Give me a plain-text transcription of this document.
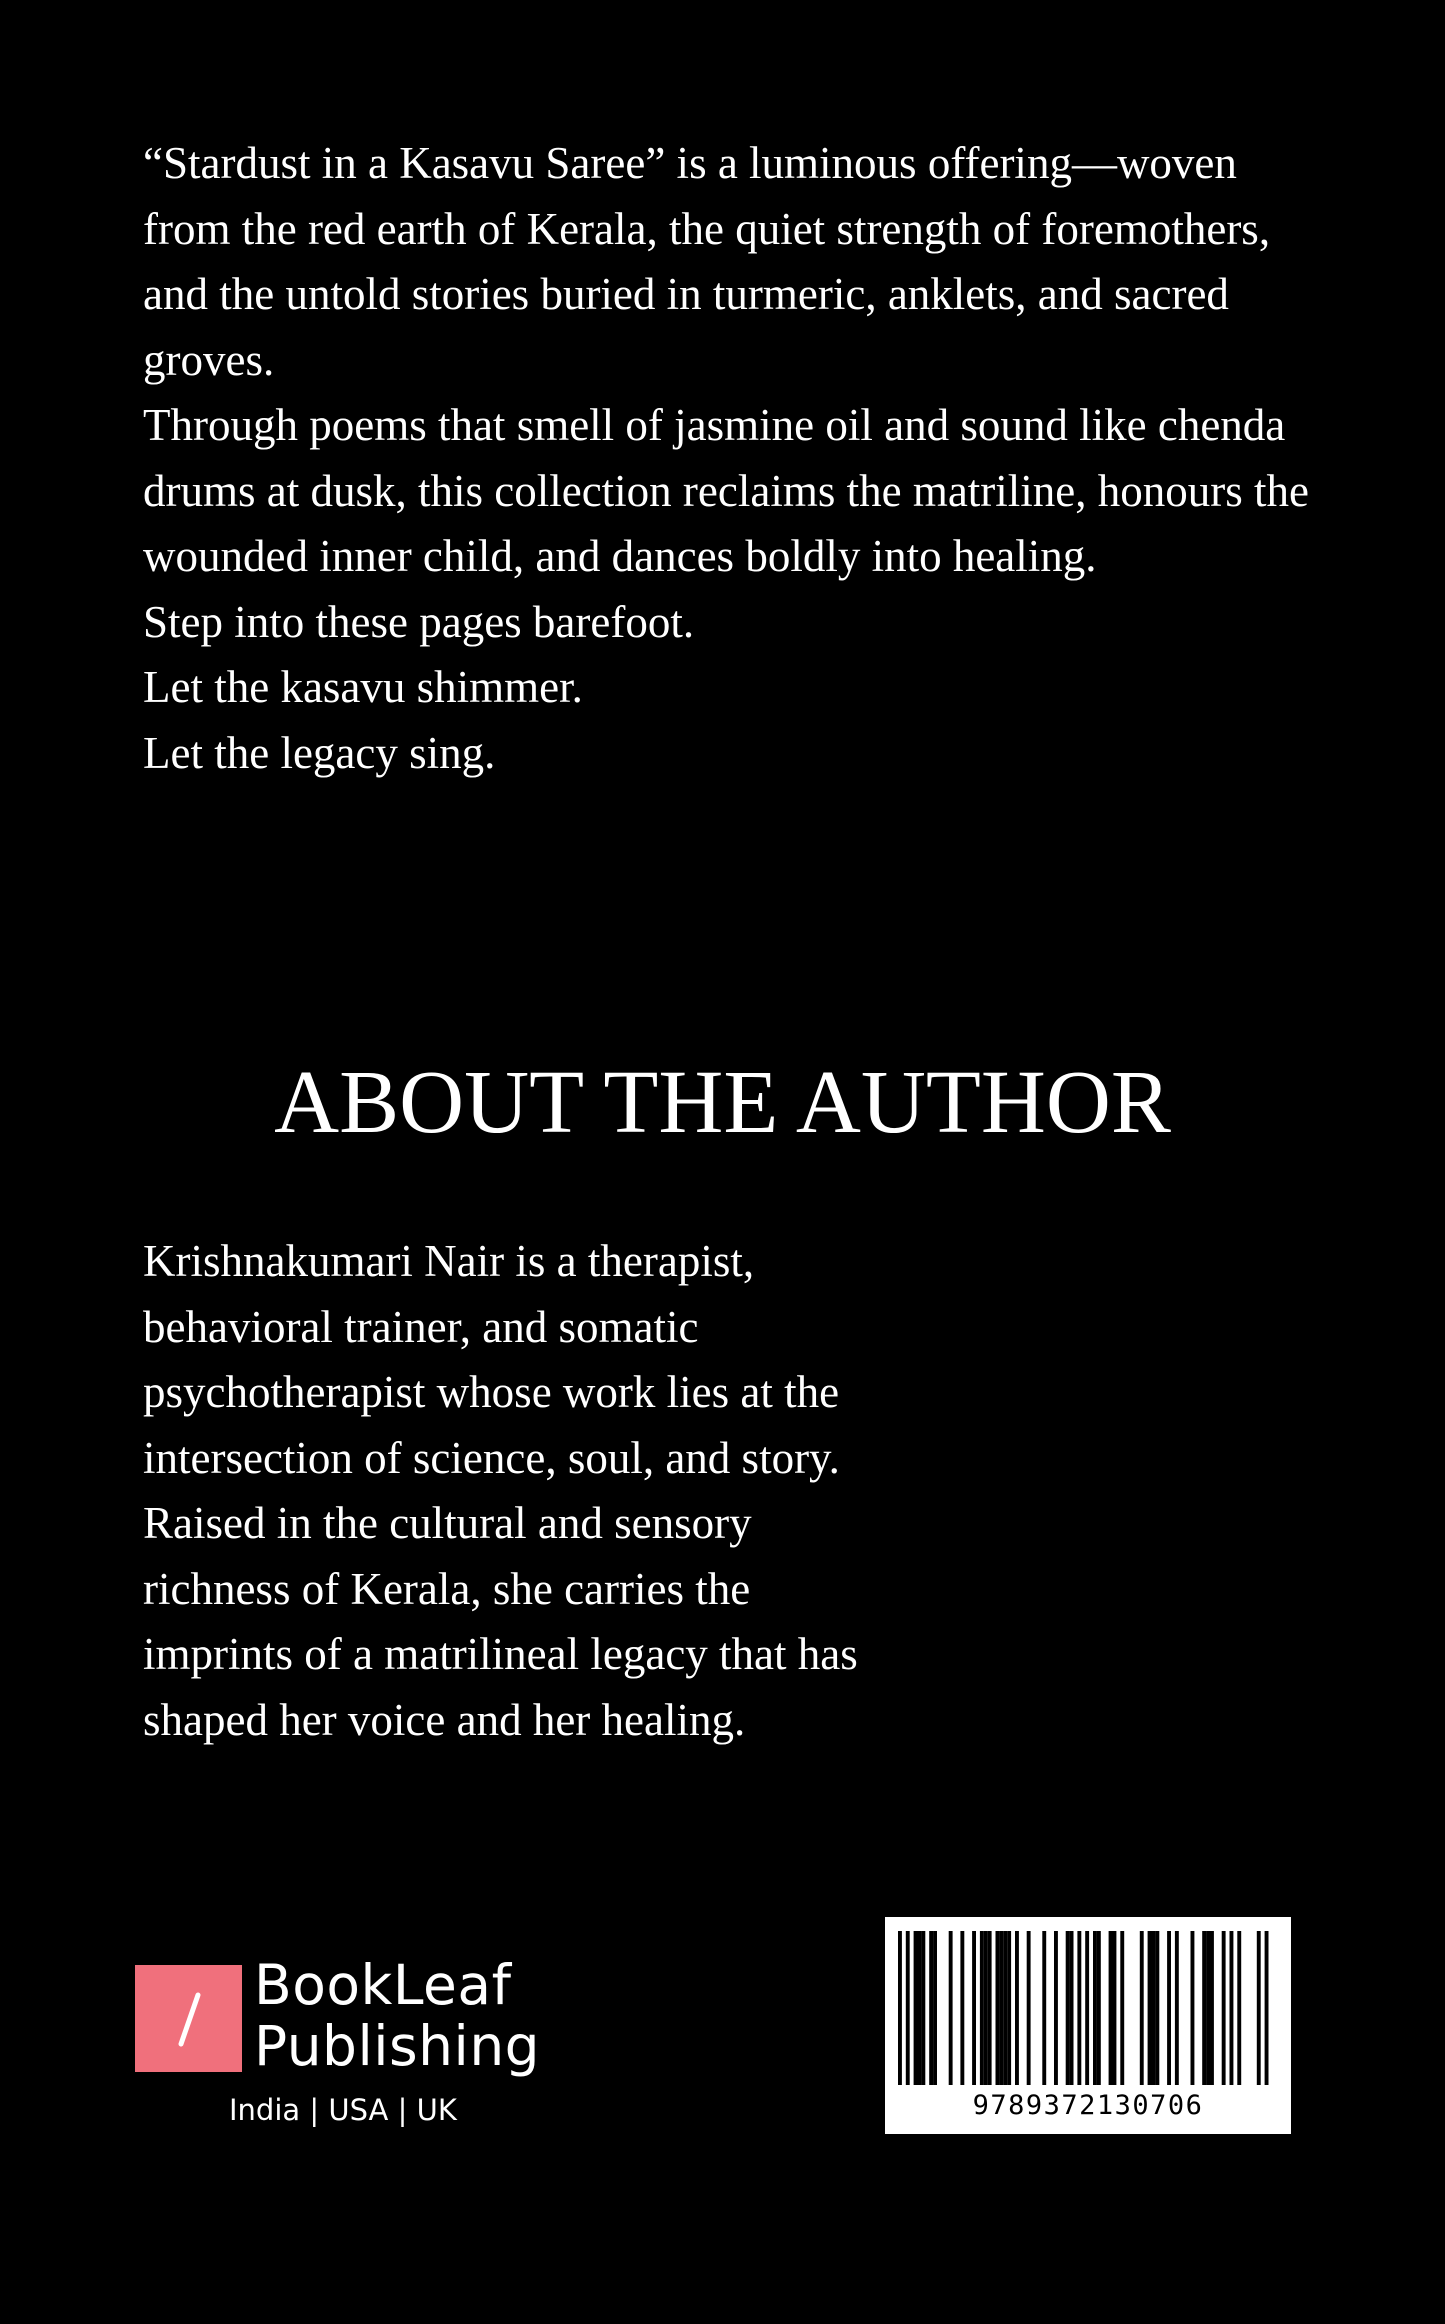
“Stardust in a Kasavu Saree” is a luminous offering—woven from the red earth of Kerala, the quiet strength of foremothers, and the untold stories buried in turmeric, anklets, and sacred groves.

Through poems that smell of jasmine oil and sound like chenda drums at dusk, this collection reclaims the matriline, honours the wounded inner child, and dances boldly into healing.

Step into these pages barefoot.

Let the kasavu shimmer.

Let the legacy sing.

ABOUT THE AUTHOR

Krishnakumari Nair is a therapist, behavioral trainer, and somatic psychotherapist whose work lies at the intersection of science, soul, and story. Raised in the cultural and sensory richness of Kerala, she carries the imprints of a matrilineal legacy that has shaped her voice and her healing.

BookLeaf
Publishing
India | USA | UK	9789372130706
